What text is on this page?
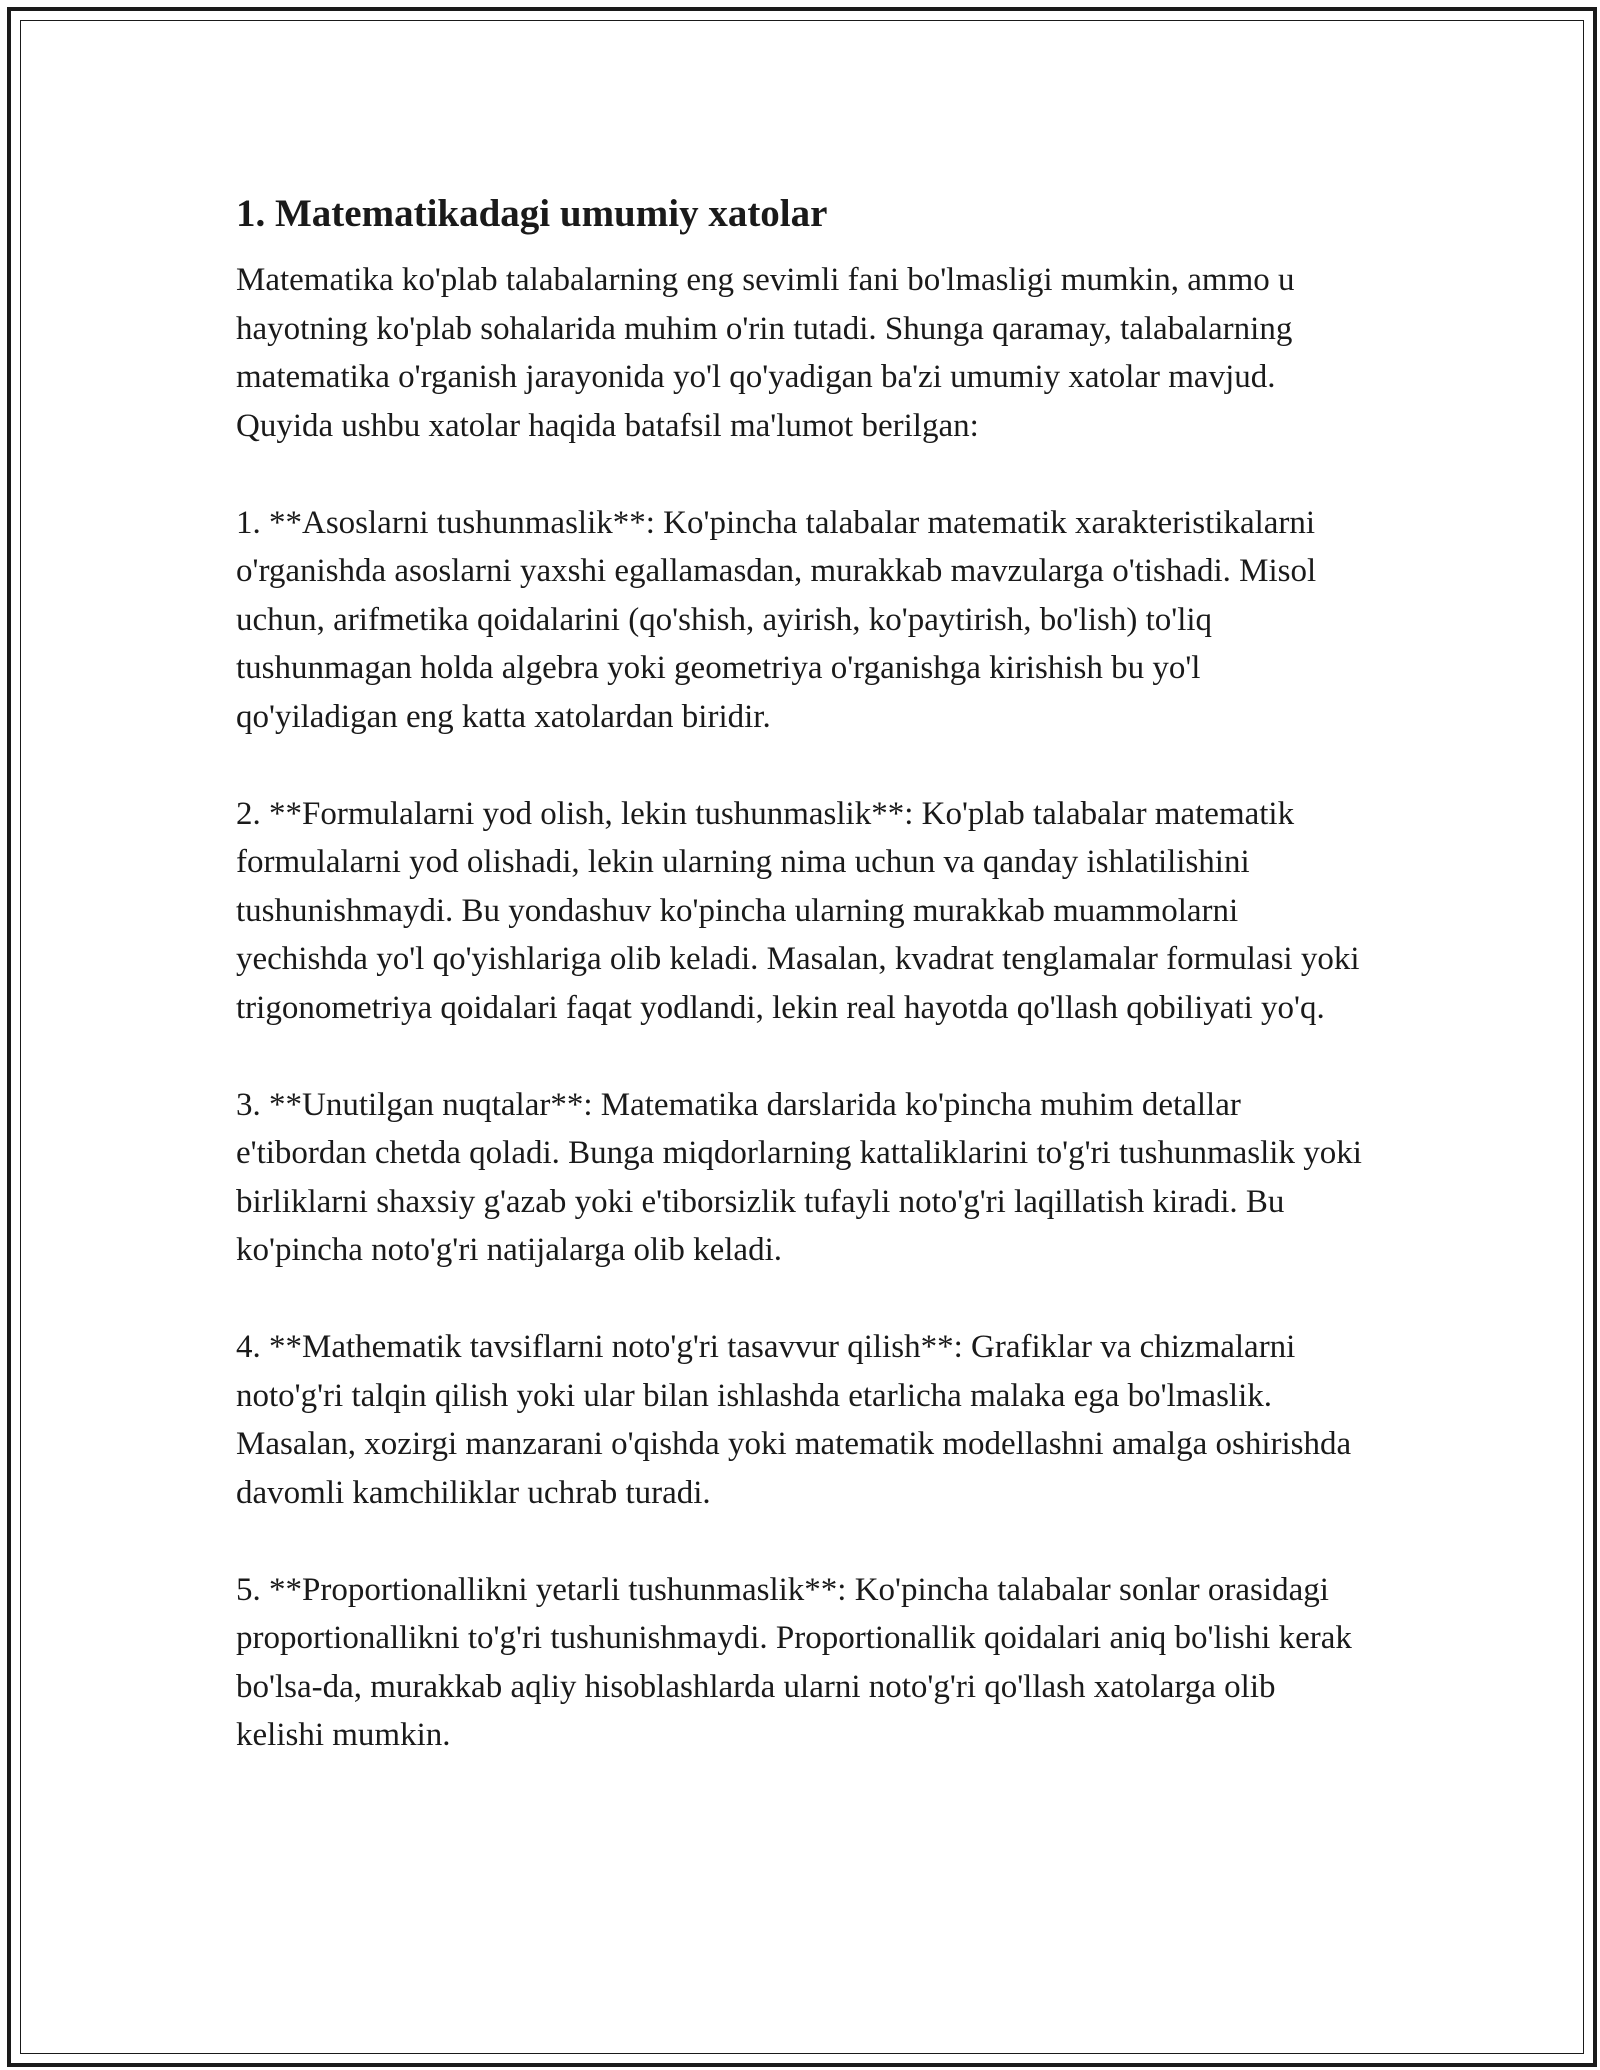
1. Matematikadagi umumiy xatolar

Matematika ko'plab talabalarning eng sevimli fani bo'lmasligi mumkin, ammo u hayotning ko'plab sohalarida muhim o'rin tutadi. Shunga qaramay, talabalarning matematika o'rganish jarayonida yo'l qo'yadigan ba'zi umumiy xatolar mavjud. Quyida ushbu xatolar haqida batafsil ma'lumot berilgan:

1. **Asoslarni tushunmaslik**: Ko'pincha talabalar matematik xarakteristikalarni o'rganishda asoslarni yaxshi egallamasdan, murakkab mavzularga o'tishadi. Misol uchun, arifmetika qoidalarini (qo'shish, ayirish, ko'paytirish, bo'lish) to'liq tushunmagan holda algebra yoki geometriya o'rganishga kirishish bu yo'l qo'yiladigan eng katta xatolardan biridir.

2. **Formulalarni yod olish, lekin tushunmaslik**: Ko'plab talabalar matematik formulalarni yod olishadi, lekin ularning nima uchun va qanday ishlatilishini tushunishmaydi. Bu yondashuv ko'pincha ularning murakkab muammolarni yechishda yo'l qo'yishlariga olib keladi. Masalan, kvadrat tenglamalar formulasi yoki trigonometriya qoidalari faqat yodlandi, lekin real hayotda qo'llash qobiliyati yo'q.

3. **Unutilgan nuqtalar**: Matematika darslarida ko'pincha muhim detallar e'tibordan chetda qoladi. Bunga miqdorlarning kattaliklarini to'g'ri tushunmaslik yoki birliklarni shaxsiy g'azab yoki e'tiborsizlik tufayli noto'g'ri laqillatish kiradi. Bu ko'pincha noto'g'ri natijalarga olib keladi.

4. **Mathematik tavsiflarni noto'g'ri tasavvur qilish**: Grafiklar va chizmalarni noto'g'ri talqin qilish yoki ular bilan ishlashda etarlicha malaka ega bo'lmaslik. Masalan, xozirgi manzarani o'qishda yoki matematik modellashni amalga oshirishda davomli kamchiliklar uchrab turadi.

5. **Proportionallikni yetarli tushunmaslik**: Ko'pincha talabalar sonlar orasidagi proportionallikni to'g'ri tushunishmaydi. Proportionallik qoidalari aniq bo'lishi kerak bo'lsa-da, murakkab aqliy hisoblashlarda ularni noto'g'ri qo'llash xatolarga olib kelishi mumkin.
